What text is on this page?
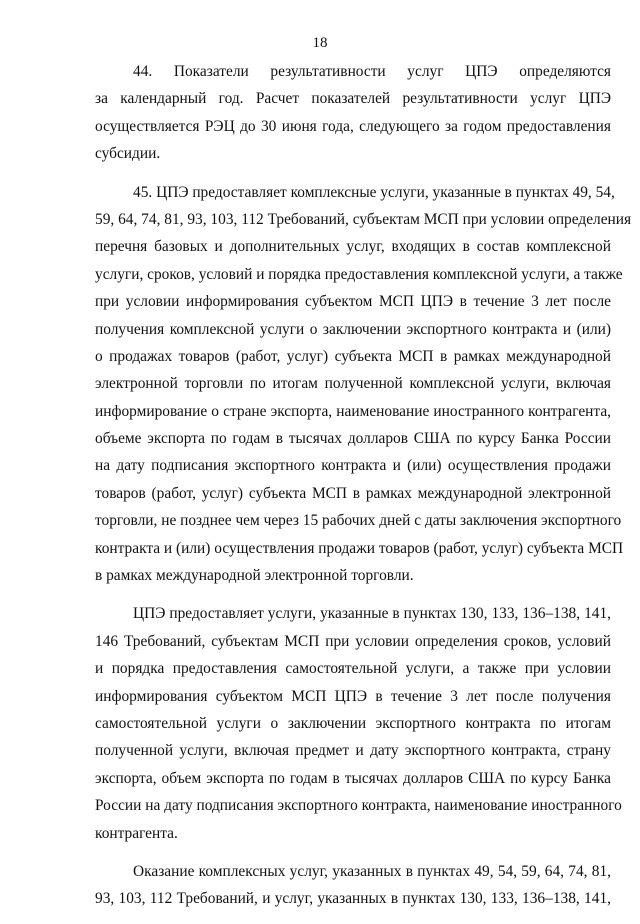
18
44. Показатели результативности услуг ЦПЭ определяются
за календарный год. Расчет показателей результативности услуг ЦПЭ
осуществляется РЭЦ до 30 июня года, следующего за годом предоставления
субсидии.
45. ЦПЭ предоставляет комплексные услуги, указанные в пунктах 49, 54,
59, 64, 74, 81, 93, 103, 112 Требований, субъектам МСП при условии определения
перечня базовых и дополнительных услуг, входящих в состав комплексной
услуги, сроков, условий и порядка предоставления комплексной услуги, а также
при условии информирования субъектом МСП ЦПЭ в течение 3 лет после
получения комплексной услуги о заключении экспортного контракта и (или)
о продажах товаров (работ, услуг) субъекта МСП в рамках международной
электронной торговли по итогам полученной комплексной услуги, включая
информирование о стране экспорта, наименование иностранного контрагента,
объеме экспорта по годам в тысячах долларов США по курсу Банка России
на дату подписания экспортного контракта и (или) осуществления продажи
товаров (работ, услуг) субъекта МСП в рамках международной электронной
торговли, не позднее чем через 15 рабочих дней с даты заключения экспортного
контракта и (или) осуществления продажи товаров (работ, услуг) субъекта МСП
в рамках международной электронной торговли.
ЦПЭ предоставляет услуги, указанные в пунктах 130, 133, 136–138, 141,
146 Требований, субъектам МСП при условии определения сроков, условий
и порядка предоставления самостоятельной услуги, а также при условии
информирования субъектом МСП ЦПЭ в течение 3 лет после получения
самостоятельной услуги о заключении экспортного контракта по итогам
полученной услуги, включая предмет и дату экспортного контракта, страну
экспорта, объем экспорта по годам в тысячах долларов США по курсу Банка
России на дату подписания экспортного контракта, наименование иностранного
контрагента.
Оказание комплексных услуг, указанных в пунктах 49, 54, 59, 64, 74, 81,
93, 103, 112 Требований, и услуг, указанных в пунктах 130, 133, 136–138, 141,
